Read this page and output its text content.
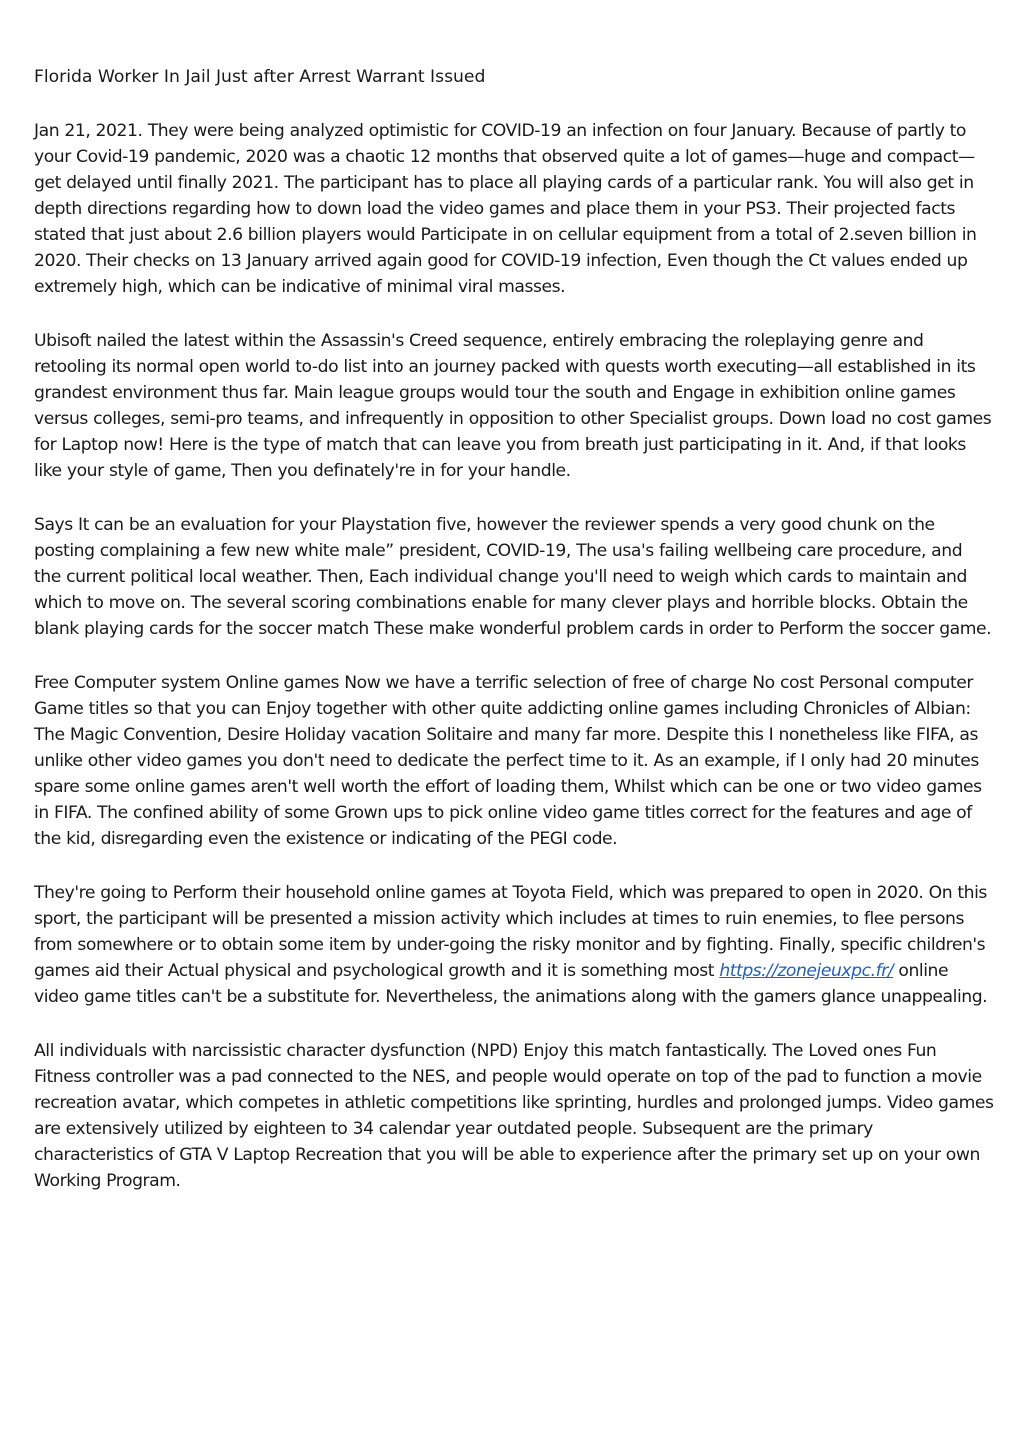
Florida Worker In Jail Just after Arrest Warrant Issued

Jan 21, 2021. They were being analyzed optimistic for COVID-19 an infection on four January. Because of partly to your Covid-19 pandemic, 2020 was a chaotic 12 months that observed quite a lot of games—huge and compact—get delayed until finally 2021. The participant has to place all playing cards of a particular rank. You will also get in depth directions regarding how to down load the video games and place them in your PS3. Their projected facts stated that just about 2.6 billion players would Participate in on cellular equipment from a total of 2.seven billion in 2020. Their checks on 13 January arrived again good for COVID-19 infection, Even though the Ct values ended up extremely high, which can be indicative of minimal viral masses.

Ubisoft nailed the latest within the Assassin's Creed sequence, entirely embracing the roleplaying genre and retooling its normal open world to-do list into an journey packed with quests worth executing—all established in its grandest environment thus far. Main league groups would tour the south and Engage in exhibition online games versus colleges, semi-pro teams, and infrequently in opposition to other Specialist groups. Down load no cost games for Laptop now! Here is the type of match that can leave you from breath just participating in it. And, if that looks like your style of game, Then you definately're in for your handle.

Says It can be an evaluation for your Playstation five, however the reviewer spends a very good chunk on the posting complaining a few new white male” president, COVID-19, The usa's failing wellbeing care procedure, and the current political local weather. Then, Each individual change you'll need to weigh which cards to maintain and which to move on. The several scoring combinations enable for many clever plays and horrible blocks. Obtain the blank playing cards for the soccer match These make wonderful problem cards in order to Perform the soccer game.

Free Computer system Online games Now we have a terrific selection of free of charge No cost Personal computer Game titles so that you can Enjoy together with other quite addicting online games including Chronicles of Albian: The Magic Convention, Desire Holiday vacation Solitaire and many far more. Despite this I nonetheless like FIFA, as unlike other video games you don't need to dedicate the perfect time to it. As an example, if I only had 20 minutes spare some online games aren't well worth the effort of loading them, Whilst which can be one or two video games in FIFA. The confined ability of some Grown ups to pick online video game titles correct for the features and age of the kid, disregarding even the existence or indicating of the PEGI code.

They're going to Perform their household online games at Toyota Field, which was prepared to open in 2020. On this sport, the participant will be presented a mission activity which includes at times to ruin enemies, to flee persons from somewhere or to obtain some item by under-going the risky monitor and by fighting. Finally, specific children's games aid their Actual physical and psychological growth and it is something most https://zonejeuxpc.fr/ online video game titles can't be a substitute for. Nevertheless, the animations along with the gamers glance unappealing.

All individuals with narcissistic character dysfunction (NPD) Enjoy this match fantastically. The Loved ones Fun Fitness controller was a pad connected to the NES, and people would operate on top of the pad to function a movie recreation avatar, which competes in athletic competitions like sprinting, hurdles and prolonged jumps. Video games are extensively utilized by eighteen to 34 calendar year outdated people. Subsequent are the primary characteristics of GTA V Laptop Recreation that you will be able to experience after the primary set up on your own Working Program.
